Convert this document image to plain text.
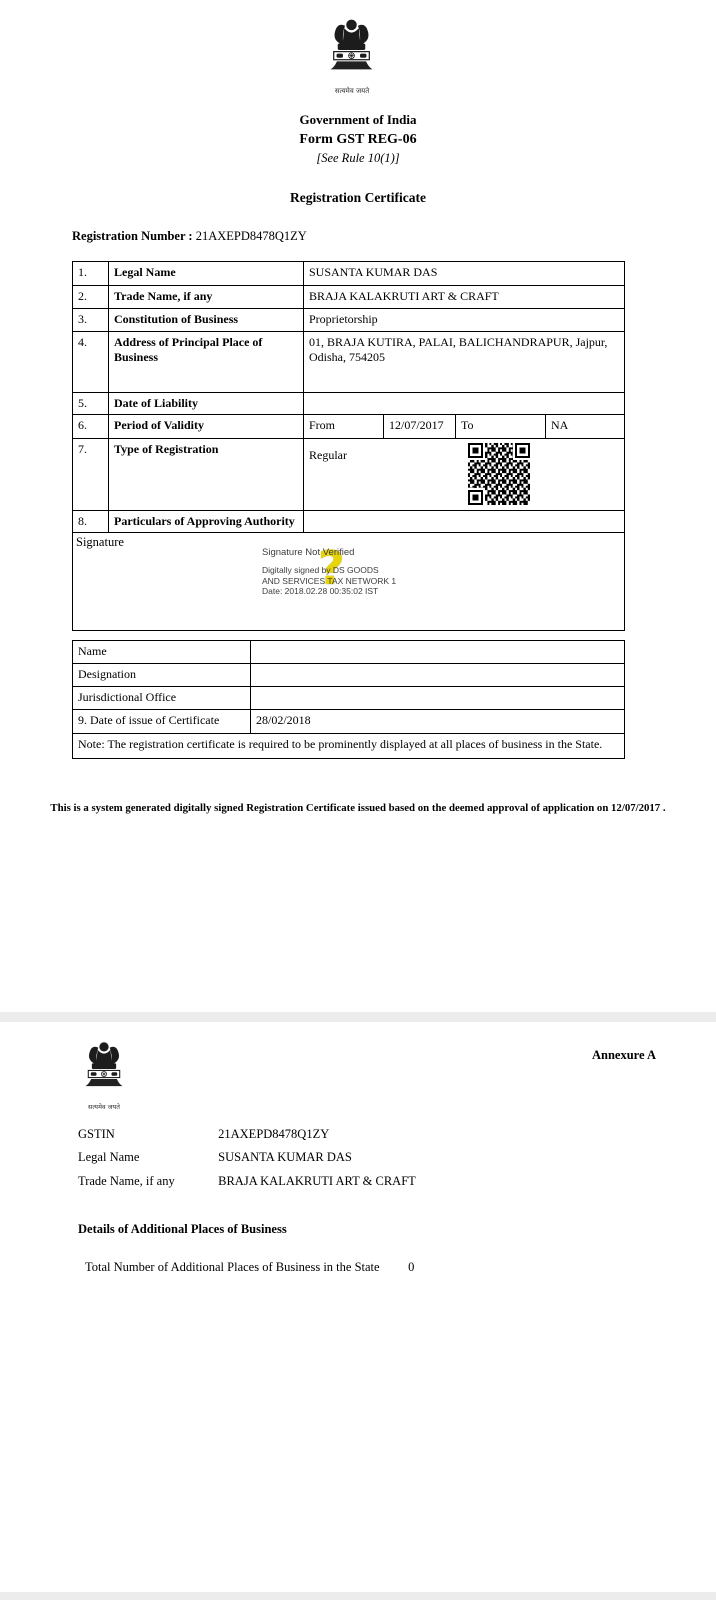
सत्यमेव जयते
Government of India
Form GST REG-06
[See Rule 10(1)]
Registration Certificate
Registration Number : 21AXEPD8478Q1ZY
1.	Legal Name	SUSANTA KUMAR DAS
2.	Trade Name, if any	BRAJA KALAKRUTI ART & CRAFT
3.	Constitution of Business	Proprietorship
4.	Address of Principal Place of Business
01, BRAJA KUTIRA, PALAI, BALICHANDRAPUR, Jajpur, Odisha, 754205
5.	Date of Liability
6.	Period of Validity	From	12/07/2017	To	NA
7.	Type of Registration	Regular
8.	Particulars of Approving Authority
Signature	?
Signature Not Verified
Digitally signed by DS GOODS
AND SERVICES TAX NETWORK 1
Date: 2018.02.28 00:35:02 IST
Name
Designation
Jurisdictional Office
9. Date of issue of Certificate	28/02/2018
Note: The registration certificate is required to be prominently displayed at all places of business in the State.
This is a system generated digitally signed Registration Certificate issued based on the deemed approval of application on 12/07/2017 .
सत्यमेव जयते
Annexure A
GSTIN	21AXEPD8478Q1ZY
Legal Name	SUSANTA KUMAR DAS
Trade Name, if any	BRAJA KALAKRUTI ART & CRAFT
Details of Additional Places of Business
Total Number of Additional Places of Business in the State 0
